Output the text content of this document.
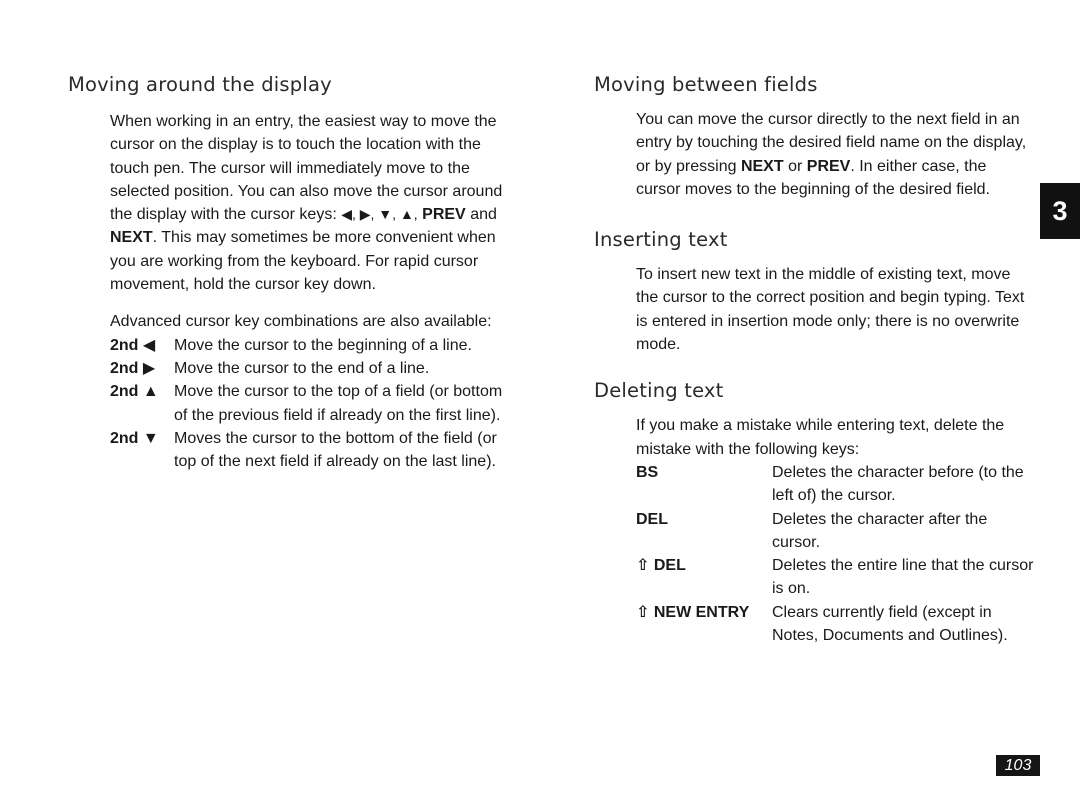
Moving around the display

When working in an entry, the easiest way to move the cursor on the display is to touch the location with the touch pen. The cursor will immediately move to the selected position. You can also move the cursor around the display with the cursor keys: ◀, ▶, ▼, ▲, PREV and NEXT. This may sometimes be more convenient when you are working from the keyboard. For rapid cursor movement, hold the cursor key down.

Advanced cursor key combinations are also available:

2nd ◀	Move the cursor to the beginning of a line.
2nd ▶	Move the cursor to the end of a line.
2nd ▲ Move the cursor to the top of a field (or bottom of the previous field if already on the first line).
2nd ▼ Moves the cursor to the bottom of the field (or top of the next field if already on the last line).
Moving between fields

You can move the cursor directly to the next field in an entry by touching the desired field name on the display, or by pressing NEXT or PREV. In either case, the cursor moves to the beginning of the desired field.

Inserting text

To insert new text in the middle of existing text, move the cursor to the correct position and begin typing. Text is entered in insertion mode only; there is no overwrite mode.

Deleting text

If you make a mistake while entering text, delete the mistake with the following keys:

BS	Deletes the character before (to the left of) the cursor.
DEL	Deletes the character after the cursor.
⇧ DEL	Deletes the entire line that the cursor is on.
⇧ NEW ENTRY	Clears currently field (except in Notes, Documents and Outlines).
3
103
